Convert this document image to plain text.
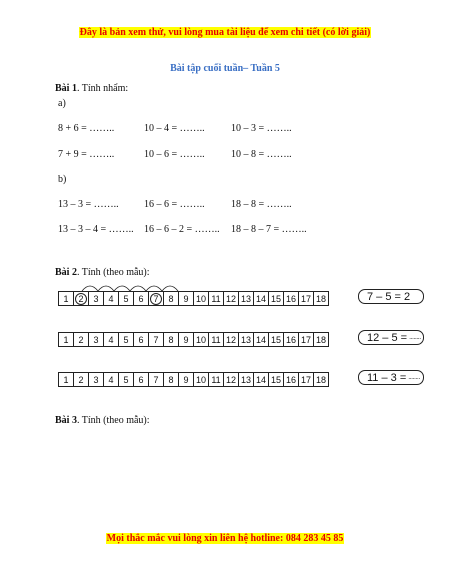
Đây là bản xem thử, vui lòng mua tài liệu để xem chi tiết (có lời giải)
Bài tập cuối tuần– Tuần 5
Bài 1. Tính nhẩm:
a)
8 + 6 = ……..	10 – 4 = ……..	10 – 3 = ……..
7 + 9 = ……..	10 – 6 = ……..	10 – 8 = ……..
b)
13 – 3 = ……..	16 – 6 = ……..	18 – 8 = ……..
13 – 3 – 4 = …….. 16 – 6 – 2 = …….. 18 – 8 – 7 = ……..
Bài 2. Tính (theo mẫu):
1	2	3 4 5 6	7	8 9 10 11 12 13 14 15 16 17 18	7 – 5 = 2
1 2 3 4 5 6 7 8 9 10 11 12 13 14 15 16 17 18	12 – 5 = ........
1 2 3 4 5 6 7 8 9 10 11 12 13 14 15 16 17 18	11 – 3 = ........
Bài 3. Tính (theo mẫu):
Mọi thắc mắc vui lòng xin liên hệ hotline: 084 283 45 85
